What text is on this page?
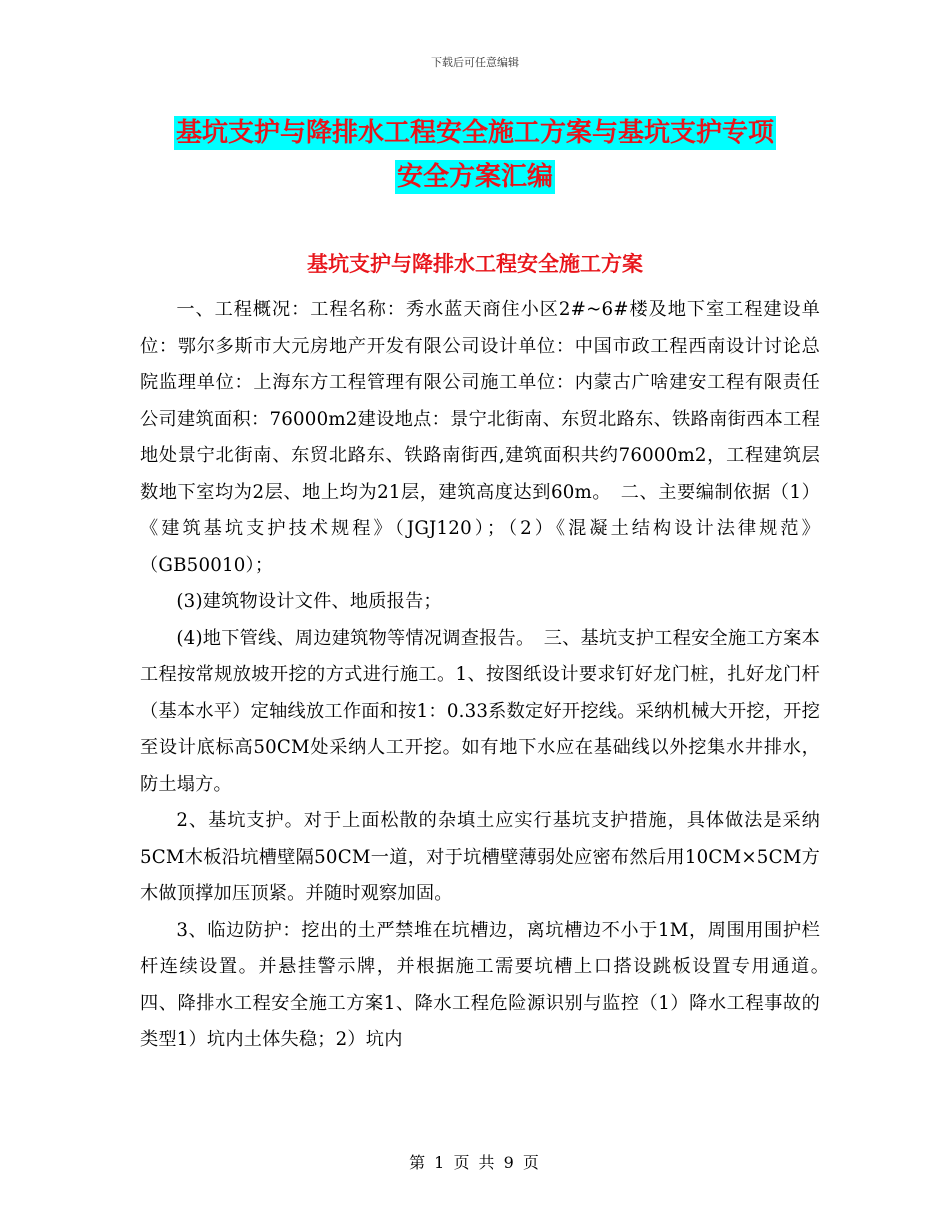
下载后可任意编辑
基坑支护与降排水工程安全施工方案与基坑支护专项
安全方案汇编
基坑支护与降排水工程安全施工方案

一、工程概况：工程名称：秀水蓝天商住小区2#~6#楼及地下室工程建设单位：鄂尔多斯市大元房地产开发有限公司设计单位：中国市政工程西南设计讨论总院监理单位：上海东方工程管理有限公司施工单位：内蒙古广啥建安工程有限责任公司建筑面积：76000m2建设地点：景宁北街南、东贸北路东、铁路南街西本工程地处景宁北街南、东贸北路东、铁路南街西,建筑面积共约76000m2，工程建筑层数地下室均为2层、地上均为21层，建筑高度达到60m。　二、主要编制依据（1）《建筑基坑支护技术规程》（JGJ120）；（2）《混凝土结构设计法律规范》（GB50010）；

(3)建筑物设计文件、地质报告；

(4)地下管线、周边建筑物等情况调查报告。　三、基坑支护工程安全施工方案本工程按常规放坡开挖的方式进行施工。1、按图纸设计要求钉好龙门桩，扎好龙门杆（基本水平）定轴线放工作面和按1：0.33系数定好开挖线。采纳机械大开挖，开挖至设计底标高50CM处采纳人工开挖。如有地下水应在基础线以外挖集水井排水，防土塌方。

2、基坑支护。对于上面松散的杂填土应实行基坑支护措施，具体做法是采纳5CM木板沿坑槽壁隔50CM一道，对于坑槽壁薄弱处应密布然后用10CM×5CM方木做顶撑加压顶紧。并随时观察加固。

3、临边防护：挖出的土严禁堆在坑槽边，离坑槽边不小于1M，周围用围护栏杆连续设置。并悬挂警示牌，并根据施工需要坑槽上口搭设跳板设置专用通道。　四、降排水工程安全施工方案1、降水工程危险源识别与监控（1）降水工程事故的类型1）坑内土体失稳；2）坑内

第 1 页 共 9 页
